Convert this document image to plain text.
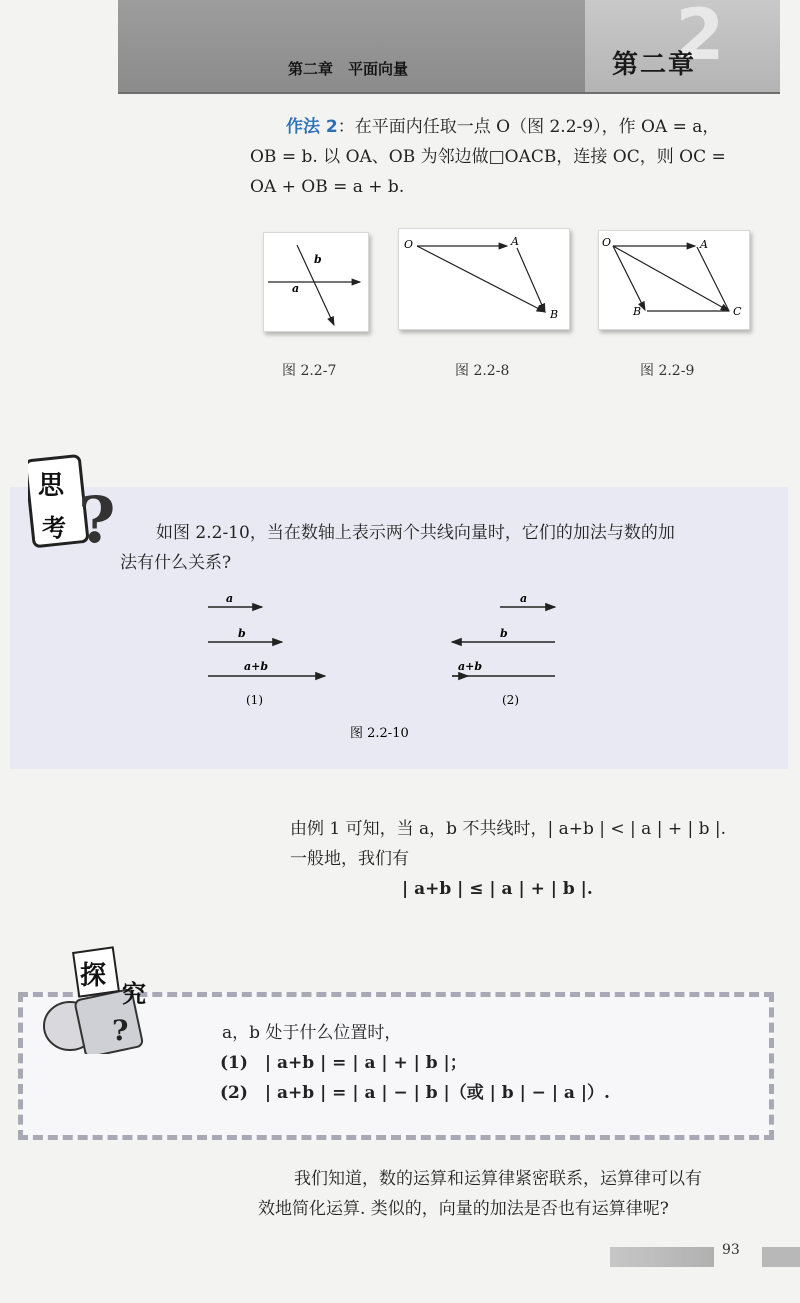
2
第二章
第二章　平面向量
作法 2：在平面内任取一点 O（图 2.2-9），作 OA = a，
OB = b. 以 OA、OB 为邻边做□OACB，连接 OC，则 OC =
OA + OB = a + b.
b
a
图 2.2-7
O	A
B
图 2.2-8
O	A
B	C
图 2.2-9
思
考 ?	如图 2.2-10，当在数轴上表示两个共线向量时，它们的加法与数的加
法有什么关系?
a
b
a+b
(1)
a
b
a+b
(2)
图 2.2-10
由例 1 可知，当 a，b 不共线时，| a+b | < | a | + | b |.
一般地，我们有
| a+b | ≤ | a | + | b |.
探
究
?	a，b 处于什么位置时，
(1)　| a+b | = | a | + | b |；
(2)　| a+b | = | a | − | b |（或 | b | − | a |）.
我们知道，数的运算和运算律紧密联系，运算律可以有
效地简化运算. 类似的，向量的加法是否也有运算律呢?
93
